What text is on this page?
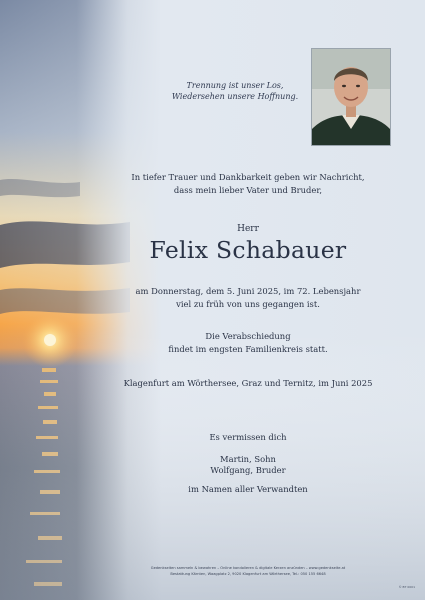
Trennung ist unser Los,
Wiedersehen unsere Hoffnung.
In tiefer Trauer und Dankbarkeit geben wir Nachricht,
dass mein lieber Vater und Bruder,
Herr
Felix Schabauer
am Donnerstag, dem 5. Juni 2025, im 72. Lebensjahr
viel zu früh von uns gegangen ist.
Die Verabschiedung
findet im engsten Familienkreis statt.
Klagenfurt am Wörthersee, Graz und Ternitz, im Juni 2025
Es vermissen dich
Martin, Sohn
Wolfgang, Bruder
im Namen aller Verwandten
Gedenkseiten sammeln & bewahren – Online kondolieren & digitale Kerzen anzünden – www.gedenkseite.at
Bestattung Kärnten, Waagplatz 2, 9020 Klagenfurt am Wörthersee, Tel.: 050 155 6648
© BT 0001
